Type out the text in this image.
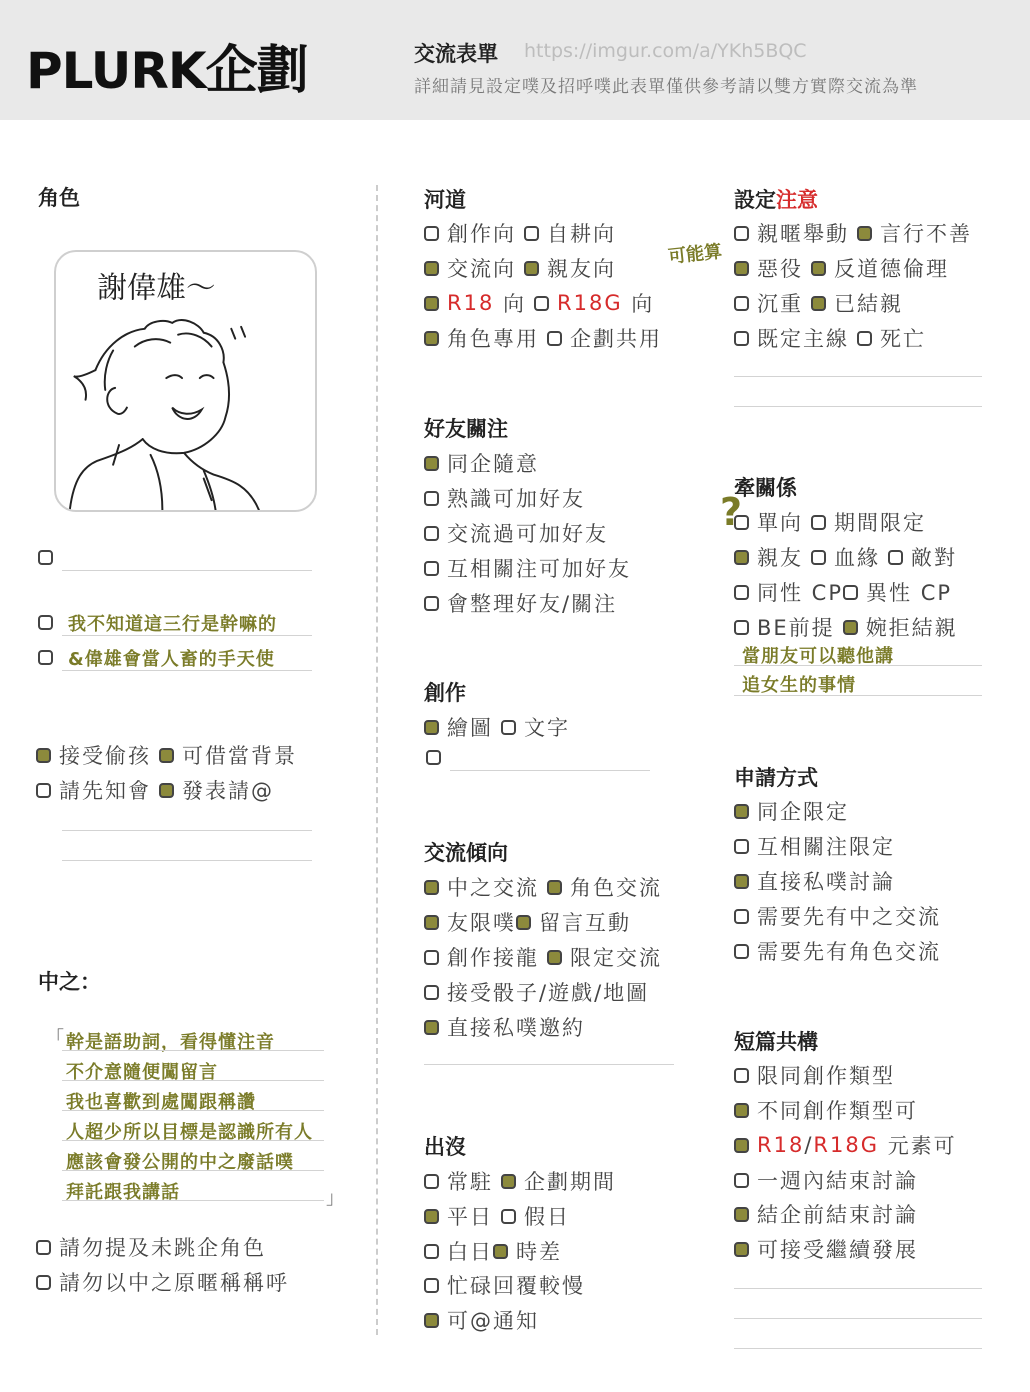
PLURK企劃	交流表單 https://imgur.com/a/YKh5BQC
詳細請見設定噗及招呼噗此表單僅供參考請以雙方實際交流為準
角色
謝偉雄～
我不知道這三行是幹嘛的
&偉雄會當人畜的手天使
接受偷孩 可借當背景
請先知會 發表請@
中之：
「 幹是語助詞，看得懂注音
不介意隨便闖留言
我也喜歡到處闖跟稱讚
人超少所以目標是認識所有人
應該會發公開的中之廢話噗
拜託跟我講話	」
請勿提及未跳企角色
請勿以中之原暱稱稱呼
河道
創作向 自耕向
交流向 親友向
R18
向 R18G
向
角色專用 企劃共用
好友關注
同企隨意
熟識可加好友
交流過可加好友
互相關注可加好友
會整理好友/關注
創作
繪圖 文字
交流傾向
中之交流 角色交流
友限噗 留言互動
創作接龍 限定交流
接受骰子/遊戲/地圖
直接私噗邀約
出沒
常駐 企劃期間
平日 假日
白日 時差
忙碌回覆較慢
可@通知
設定注意
可能算
親暱舉動 言行不善
惡役 反道德倫理
沉重 已結親
既定主線 死亡
牽關係
? 單向 期間限定
親友 血緣 敵對
同性 CP 異性 CP
BE前提 婉拒結親
當朋友可以聽他講
追女生的事情
申請方式
同企限定
互相關注限定
直接私噗討論
需要先有中之交流
需要先有角色交流
短篇共構
限同創作類型
不同創作類型可
R18 / R18G
元素可
一週內結束討論
結企前結束討論
可接受繼續發展
